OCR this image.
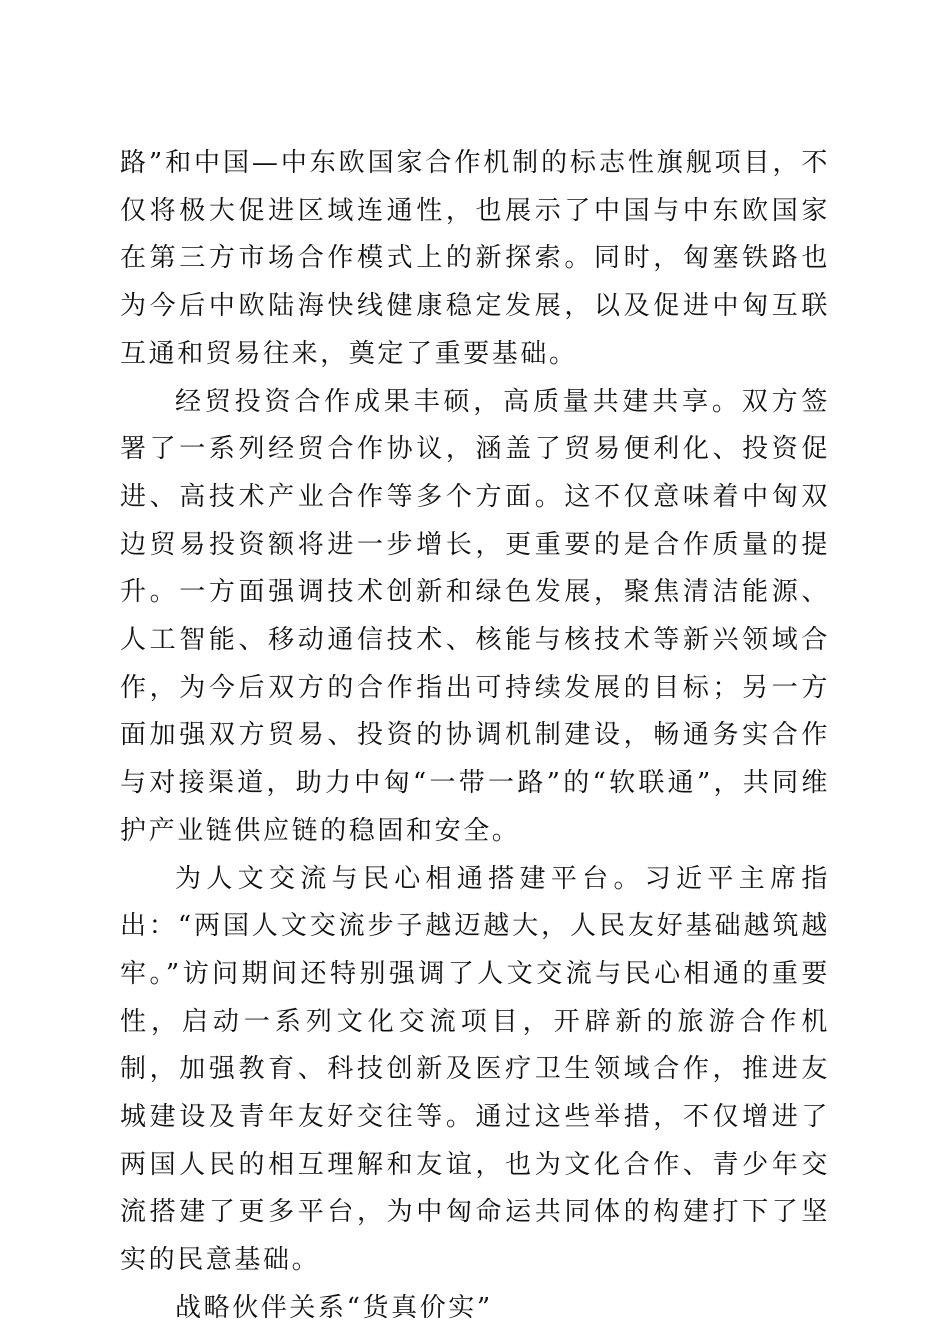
路”和中国—中东欧国家合作机制的标志性旗舰项目，不仅将极大促进区域连通性，也展示了中国与中东欧国家在第三方市场合作模式上的新探索。同时，匈塞铁路也为今后中欧陆海快线健康稳定发展，以及促进中匈互联互通和贸易往来，奠定了重要基础。

经贸投资合作成果丰硕，高质量共建共享。双方签署了一系列经贸合作协议，涵盖了贸易便利化、投资促进、高技术产业合作等多个方面。这不仅意味着中匈双边贸易投资额将进一步增长，更重要的是合作质量的提升。一方面强调技术创新和绿色发展，聚焦清洁能源、人工智能、移动通信技术、核能与核技术等新兴领域合作，为今后双方的合作指出可持续发展的目标；另一方面加强双方贸易、投资的协调机制建设，畅通务实合作与对接渠道，助力中匈“一带一路”的“软联通”，共同维护产业链供应链的稳固和安全。

为人文交流与民心相通搭建平台。习近平主席指出：“两国人文交流步子越迈越大，人民友好基础越筑越牢。”访问期间还特别强调了人文交流与民心相通的重要性，启动一系列文化交流项目，开辟新的旅游合作机制，加强教育、科技创新及医疗卫生领域合作，推进友城建设及青年友好交往等。通过这些举措，不仅增进了两国人民的相互理解和友谊，也为文化合作、青少年交流搭建了更多平台，为中匈命运共同体的构建打下了坚实的民意基础。

战略伙伴关系“货真价实”
